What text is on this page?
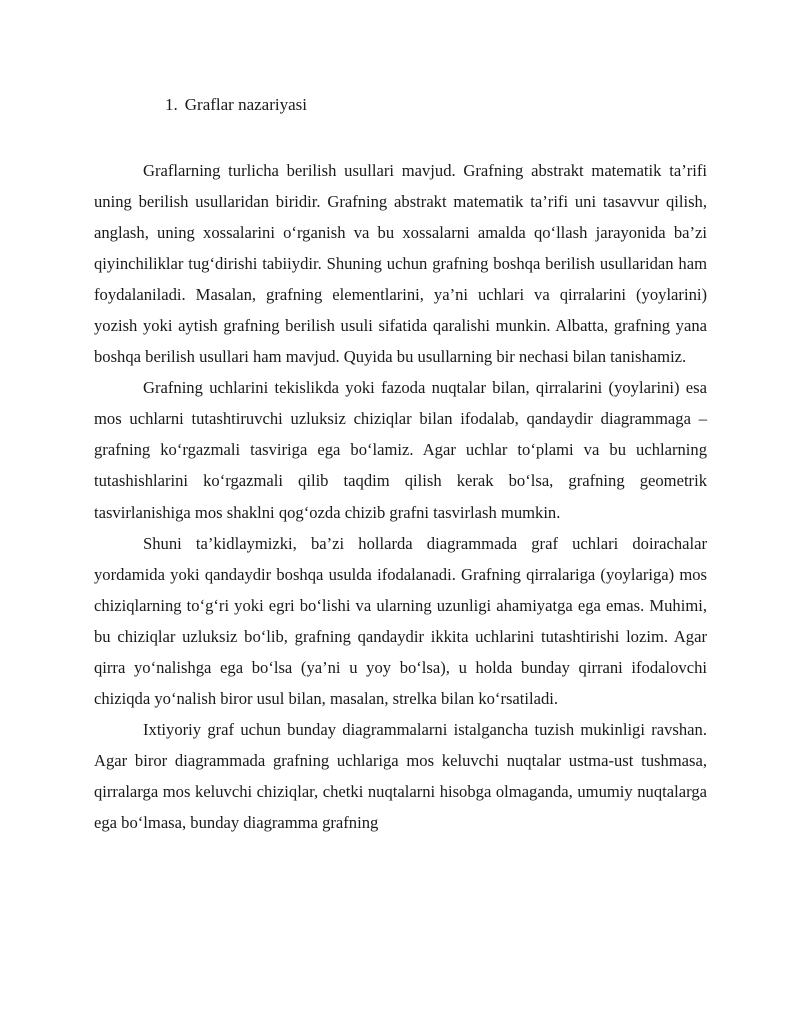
1. Graflar nazariyasi

Graflarning turlicha berilish usullari mavjud. Grafning abstrakt matematik ta’rifi uning berilish usullaridan biridir. Grafning abstrakt matematik ta’rifi uni tasavvur qilish, anglash, uning xossalarini o‘rganish va bu xossalarni amalda qo‘llash jarayonida ba’zi qiyinchiliklar tug‘dirishi tabiiydir. Shuning uchun grafning boshqa berilish usullaridan ham foydalaniladi. Masalan, grafning elementlarini, ya’ni uchlari va qirralarini (yoylarini) yozish yoki aytish grafning berilish usuli sifatida qaralishi munkin. Albatta, grafning yana boshqa berilish usullari ham mavjud. Quyida bu usullarning bir nechasi bilan tanishamiz.

Grafning uchlarini tekislikda yoki fazoda nuqtalar bilan, qirralarini (yoylarini) esa mos uchlarni tutashtiruvchi uzluksiz chiziqlar bilan ifodalab, qandaydir diagrammaga – grafning ko‘rgazmali tasviriga ega bo‘lamiz. Agar uchlar to‘plami va bu uchlarning tutashishlarini ko‘rgazmali qilib taqdim qilish kerak bo‘lsa, grafning geometrik tasvirlanishiga mos shaklni qog‘ozda chizib grafni tasvirlash mumkin.

Shuni ta’kidlaymizki, ba’zi hollarda diagrammada graf uchlari doirachalar yordamida yoki qandaydir boshqa usulda ifodalanadi. Grafning qirralariga (yoylariga) mos chiziqlarning to‘g‘ri yoki egri bo‘lishi va ularning uzunligi ahamiyatga ega emas. Muhimi, bu chiziqlar uzluksiz bo‘lib, grafning qandaydir ikkita uchlarini tutashtirishi lozim. Agar qirra yo‘nalishga ega bo‘lsa (ya’ni u yoy bo‘lsa), u holda bunday qirrani ifodalovchi chiziqda yo‘nalish biror usul bilan, masalan, strelka bilan ko‘rsatiladi.

Ixtiyoriy graf uchun bunday diagrammalarni istalgancha tuzish mukinligi ravshan. Agar biror diagrammada grafning uchlariga mos keluvchi nuqtalar ustma-ust tushmasa, qirralarga mos keluvchi chiziqlar, chetki nuqtalarni hisobga olmaganda, umumiy nuqtalarga ega bo‘lmasa, bunday diagramma grafning
